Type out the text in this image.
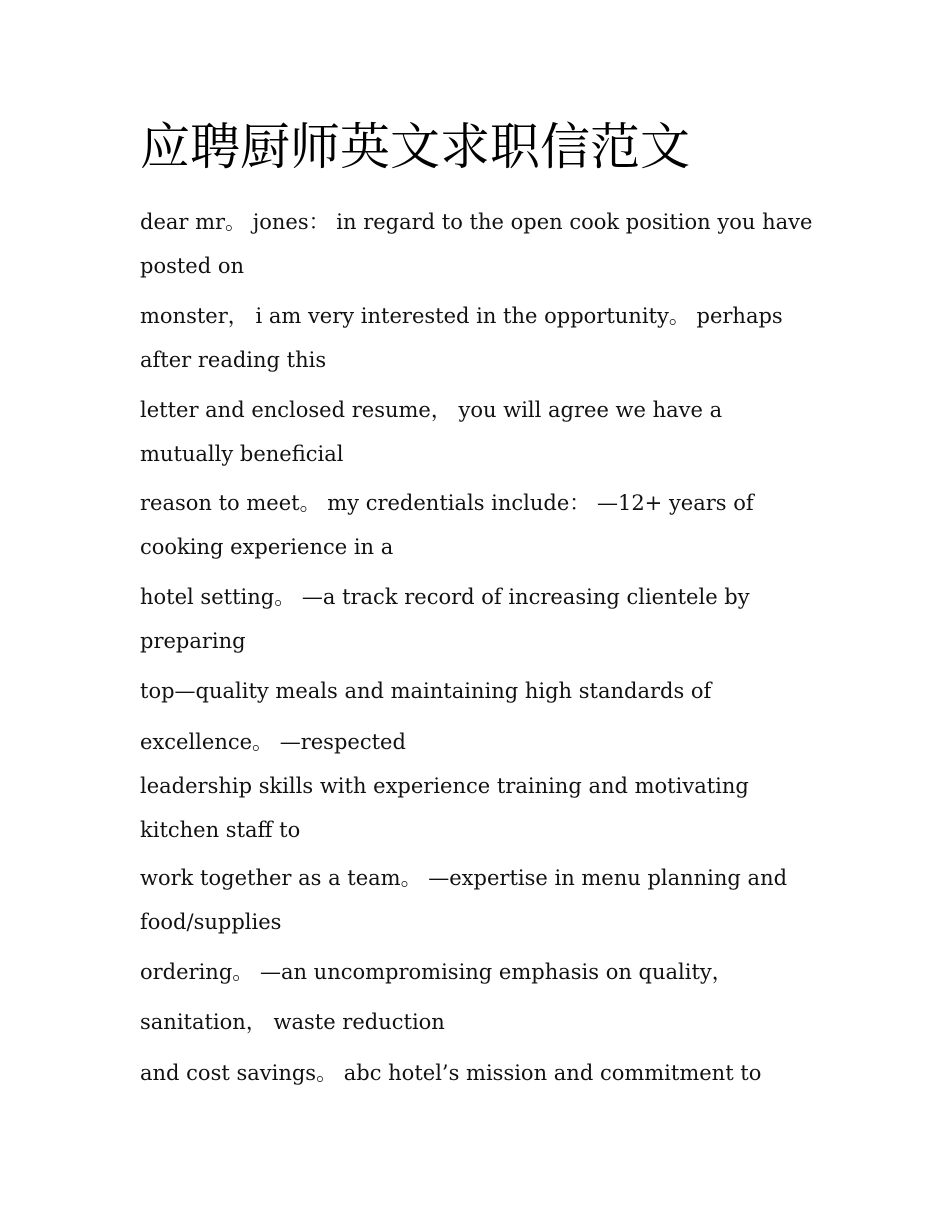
应聘厨师英文求职信范文

dear mr。 jones： in regard to the open cook position you have posted on

monster， i am very interested in the opportunity。 perhaps after reading this

letter and enclosed resume， you will agree we have a mutually beneficial

reason to meet。 my credentials include： —12+ years of cooking experience in a

hotel setting。 —a track record of increasing clientele by preparing

top—quality meals and maintaining high standards of

excellence。 —respected

leadership skills with experience training and motivating kitchen staff to

work together as a team。 —expertise in menu planning and food/supplies

ordering。 —an uncompromising emphasis on quality，

sanitation， waste reduction

and cost savings。 abc hotel’s mission and commitment to
